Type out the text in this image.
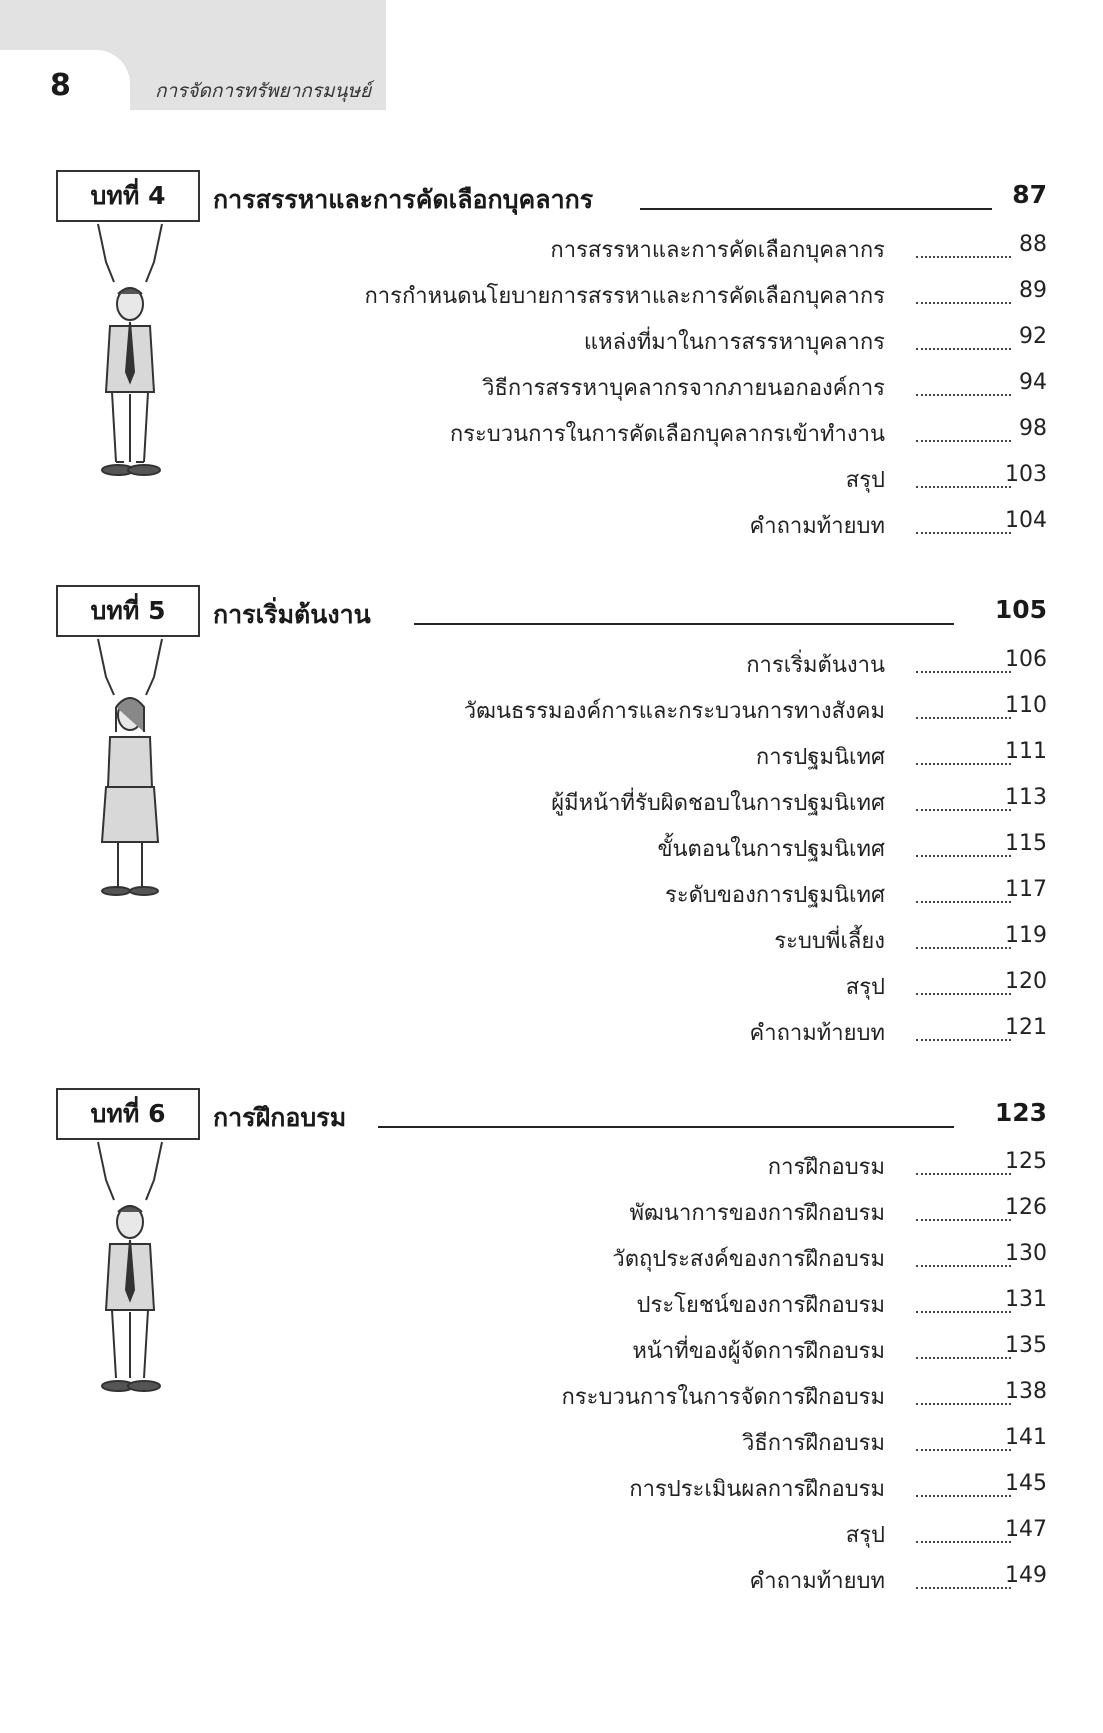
8	การจัดการทรัพยากรมนุษย์
บทที่ 4	การสรรหาและการคัดเลือกบุคลากร	87
การสรรหาและการคัดเลือกบุคลากร	88
การกำหนดนโยบายการสรรหาและการคัดเลือกบุคลากร	89
แหล่งที่มาในการสรรหาบุคลากร	92
วิธีการสรรหาบุคลากรจากภายนอกองค์การ	94
กระบวนการในการคัดเลือกบุคลากรเข้าทำงาน	98
สรุป	103
คำถามท้ายบท	104
บทที่ 5	การเริ่มต้นงาน	105
การเริ่มต้นงาน	106
วัฒนธรรมองค์การและกระบวนการทางสังคม	110
การปฐมนิเทศ	111
ผู้มีหน้าที่รับผิดชอบในการปฐมนิเทศ	113
ขั้นตอนในการปฐมนิเทศ	115
ระดับของการปฐมนิเทศ	117
ระบบพี่เลี้ยง	119
สรุป	120
คำถามท้ายบท	121
บทที่ 6	การฝึกอบรม	123
การฝึกอบรม	125
พัฒนาการของการฝึกอบรม	126
วัตถุประสงค์ของการฝึกอบรม	130
ประโยชน์ของการฝึกอบรม	131
หน้าที่ของผู้จัดการฝึกอบรม	135
กระบวนการในการจัดการฝึกอบรม	138
วิธีการฝึกอบรม	141
การประเมินผลการฝึกอบรม	145
สรุป	147
คำถามท้ายบท	149
